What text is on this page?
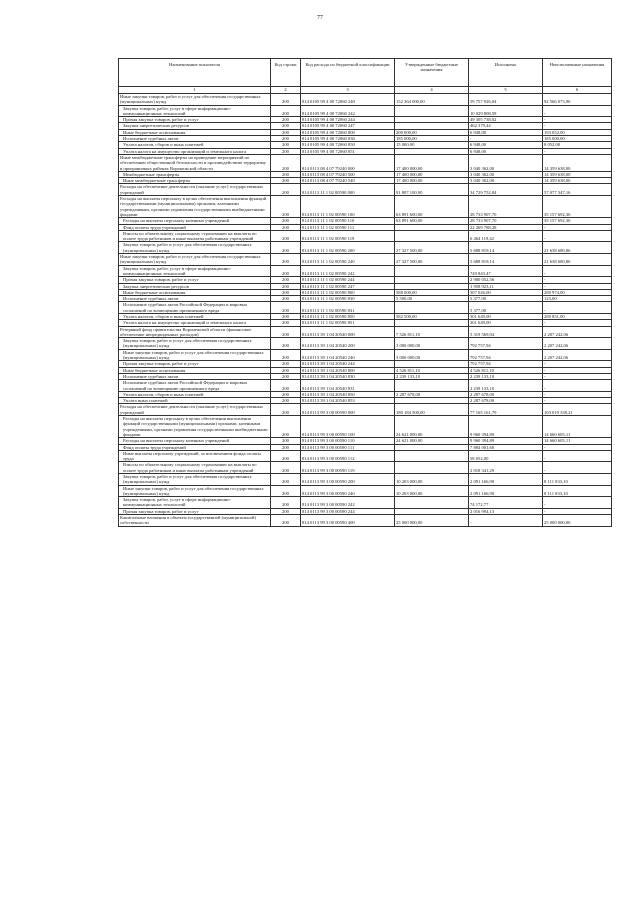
77
Наименование показателя	Код строки	Код расхода по бюджетной классификации	Утвержденные бюджетные назначения	Исполнено	Неисполненные назначения
1	2	3	4	5	6
Иные закупки товаров, работ и услуг для обеспечения государственных (муниципальных) нужд	200	814 0105 99 4 00 72060 240	152 364 000,00	59 757 926,04	92 566 073,96
Закупка товаров, работ, услуг в сфере информационно-коммуникационных технологий	200	814 0105 99 4 00 72060 242		10 029 808,58	-
Прочая закупка товаров, работ и услуг	200	814 0105 99 4 00 72060 244		49 305 738,02	-
Закупка энергетических ресурсов	200	814 0105 99 4 00 72060 247		462 379,44	-
Иные бюджетные ассигнования	200	814 0105 99 4 00 72060 800	200 000,00	6 948,00	193 052,00
Исполнение судебных актов	200	814 0105 99 4 00 72060 830	185 000,00	-	185 000,00
Уплата налогов, сборов и иных платежей	200	814 0105 99 4 00 72060 850	15 000,00	6 948,00	8 052,00
Уплата налога на имущество организаций и земельного налога	200	814 0105 99 4 00 72060 851		6 948,00	-
Иные межбюджетные трансферты на проведение мероприятий по обеспечению общественной безопасности и противодействию терроризму в приграничных районах Воронежской области	200	814 0113 08 4 07 79240 000	17 400 000,00	3 040 362,00	14 359 638,00
Межбюджетные трансферты	200	814 0113 08 4 07 79240 500	17 400 000,00	3 040 362,00	14 359 638,00
Иные межбюджетные трансферты	200	814 0113 08 4 07 79240 540	17 400 000,00	3 040 362,00	14 359 638,00
Расходы на обеспечение деятельности (оказание услуг) государственных учреждений	200	814 0113 11 1 02 00590 000	91 807 100,00	34 729 752,84	57 077 347,16
Расходы на выплаты персоналу в целях обеспечения выполнения функций государственными (муниципальными) органами, казенными учреждениями, органами управления государственными внебюджетными фондами	200	814 0113 11 1 02 00590 100	63 891 600,00	28 733 907,70	35 157 692,30
Расходы на выплаты персоналу казенных учреждений	200	814 0113 11 1 02 00590 110	63 891 600,00	28 733 907,70	35 157 692,30
Фонд оплаты труда учреждений	200	814 0113 11 1 02 00590 111		22 269 788,28	-
Взносы по обязательному социальному страхованию на выплаты по оплате труда работников и иные выплаты работникам учреждений	200	814 0113 11 1 02 00590 119		6 464 119,42	-
Закупка товаров, работ и услуг для обеспечения государственных (муниципальных) нужд	200	814 0113 11 1 02 00590 200	27 327 500,00	5 688 819,14	21 638 680,86
Иные закупки товаров, работ и услуг для обеспечения государственных (муниципальных) нужд	200	814 0113 11 1 02 00590 240	27 327 500,00	5 688 819,14	21 638 680,86
Закупка товаров, работ, услуг в сфере информационно-коммуникационных технологий	200	814 0113 11 1 02 00590 242		749 843,47	-
Прочая закупка товаров, работ и услуг	200	814 0113 11 1 02 00590 244		2 980 052,56	-
Закупка энергетических ресурсов	200	814 0113 11 1 02 00590 247		1 958 923,11	-
Иные бюджетные ассигнования	200	814 0113 11 1 02 00590 800	588 000,00	307 026,00	280 974,00
Исполнение судебных актов	200	814 0113 11 1 02 00590 830	5 500,00	5 377,00	123,00
Исполнение судебных актов Российской Федерации и мировых соглашений по возмещению причиненного вреда	200	814 0113 11 1 02 00590 831		5 377,00	-
Уплата налогов, сборов и иных платежей	200	814 0113 11 1 02 00590 850	582 500,00	301 649,00	280 851,00
Уплата налога на имущество организаций и земельного налога	200	814 0113 11 1 02 00590 851		301 649,00	-
Резервный фонд правительства Воронежской области (финансовое обеспечение непредвиденных расходов)	200	814 0113 39 1 04 20540 000	7 526 811,10	5 319 569,04	2 207 242,06
Закупка товаров, работ и услуг для обеспечения государственных (муниципальных) нужд	200	814 0113 39 1 04 20540 200	3 000 000,00	792 757,94	2 207 242,06
Иные закупки товаров, работ и услуг для обеспечения государственных (муниципальных) нужд	200	814 0113 39 1 04 20540 240	3 000 000,00	792 757,94	2 207 242,06
Прочая закупка товаров, работ и услуг	200	814 0113 39 1 04 20540 244		792 757,94	-
Иные бюджетные ассигнования	200	814 0113 39 1 04 20540 800	4 526 811,10	4 526 811,10	-
Исполнение судебных актов	200	814 0113 39 1 04 20540 830	2 239 133,10	2 239 133,10	-
Исполнение судебных актов Российской Федерации и мировых соглашений по возмещению причиненного вреда	200	814 0113 39 1 04 20540 831		2 239 133,10	-
Уплата налогов, сборов и иных платежей	200	814 0113 39 1 04 20540 850	2 287 678,00	2 287 678,00	-
Уплата иных платежей	200	814 0113 39 1 04 20540 853		2 287 678,00	-
Расходы на обеспечение деятельности (оказание услуг) государственных учреждений	200	814 0113 99 3 00 00590 000	180 184 500,00	77 165 161,79	103 019 338,21
Расходы на выплаты персоналу в целях обеспечения выполнения функций государственными (муниципальными) органами, казенными учреждениями, органами управления государственными внебюджетными фондами	200	814 0113 99 3 00 00590 100	24 621 000,00	9 960 394,89	14 660 605,11
Расходы на выплаты персоналу казенных учреждений	200	814 0113 99 3 00 00590 110	24 621 000,00	9 960 394,89	14 660 605,11
Фонд оплаты труда учреждений	200	814 0113 99 3 00 00590 111		7 884 001,60	-
Иные выплаты персоналу учреждений, за исключением фонда оплаты труда	200	814 0113 99 3 00 00590 112		58 052,00	-
Взносы по обязательному социальному страхованию на выплаты по оплате труда работников и иные выплаты работникам учреждений	200	814 0113 99 3 00 00590 119		2 018 341,29	-
Закупка товаров, работ и услуг для обеспечения государственных (муниципальных) нужд	200	814 0113 99 3 00 00590 200	10 203 000,00	2 091 166,90	8 111 833,10
Иные закупки товаров, работ и услуг для обеспечения государственных (муниципальных) нужд	200	814 0113 99 3 00 00590 240	10 203 000,00	2 091 166,90	8 111 833,10
Закупка товаров, работ, услуг в сфере информационно-коммуникационных технологий	200	814 0113 99 3 00 00590 242		74 172,77	-
Прочая закупка товаров, работ и услуг	200	814 0113 99 3 00 00590 244		2 016 994,13	-
Капитальные вложения в объекты государственной (муниципальной) собственности	200	814 0113 99 3 00 00590 400	25 000 000,00	-	25 000 000,00
